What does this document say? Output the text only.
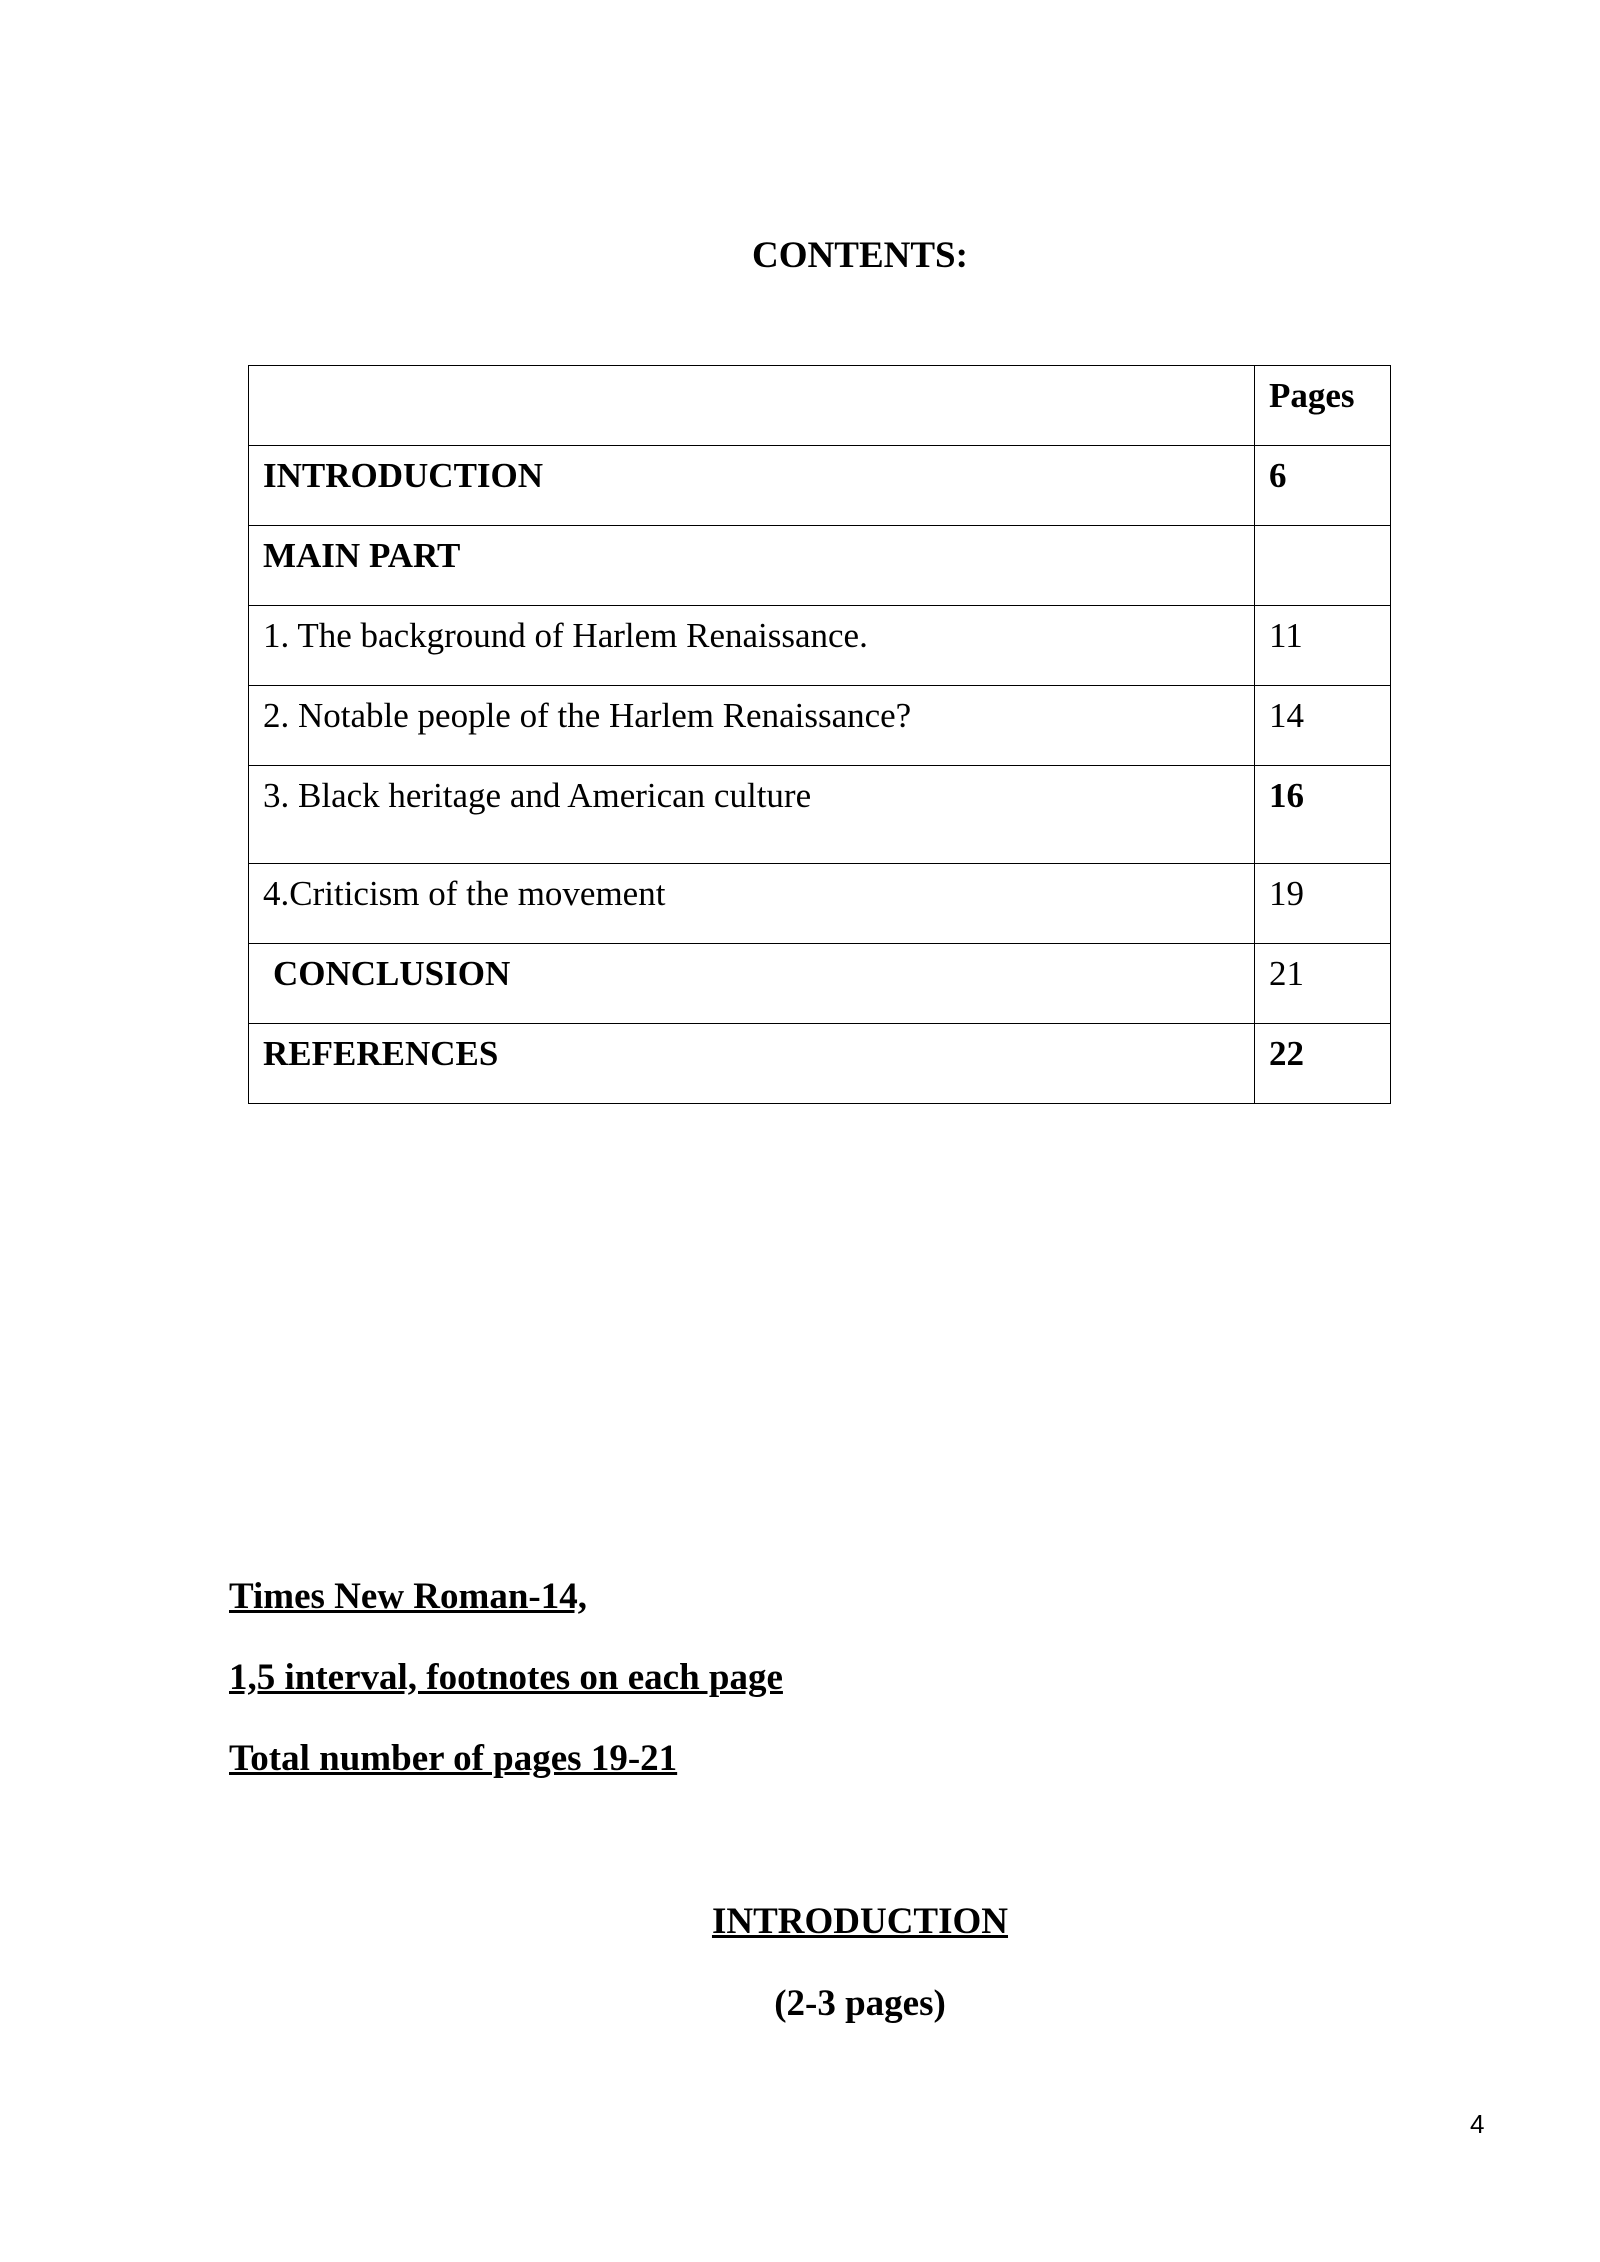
CONTENTS:
	Pages
INTRODUCTION	6
MAIN PART	
1. The background of Harlem Renaissance.	11
2. Notable people of the Harlem Renaissance?	14
3. Black heritage and American culture	16
4.Criticism of the movement	19
CONCLUSION	21
REFERENCES	22
Times New Roman-14,
1,5 interval, footnotes on each page
Total number of pages 19-21
INTRODUCTION
(2-3 pages)
4
